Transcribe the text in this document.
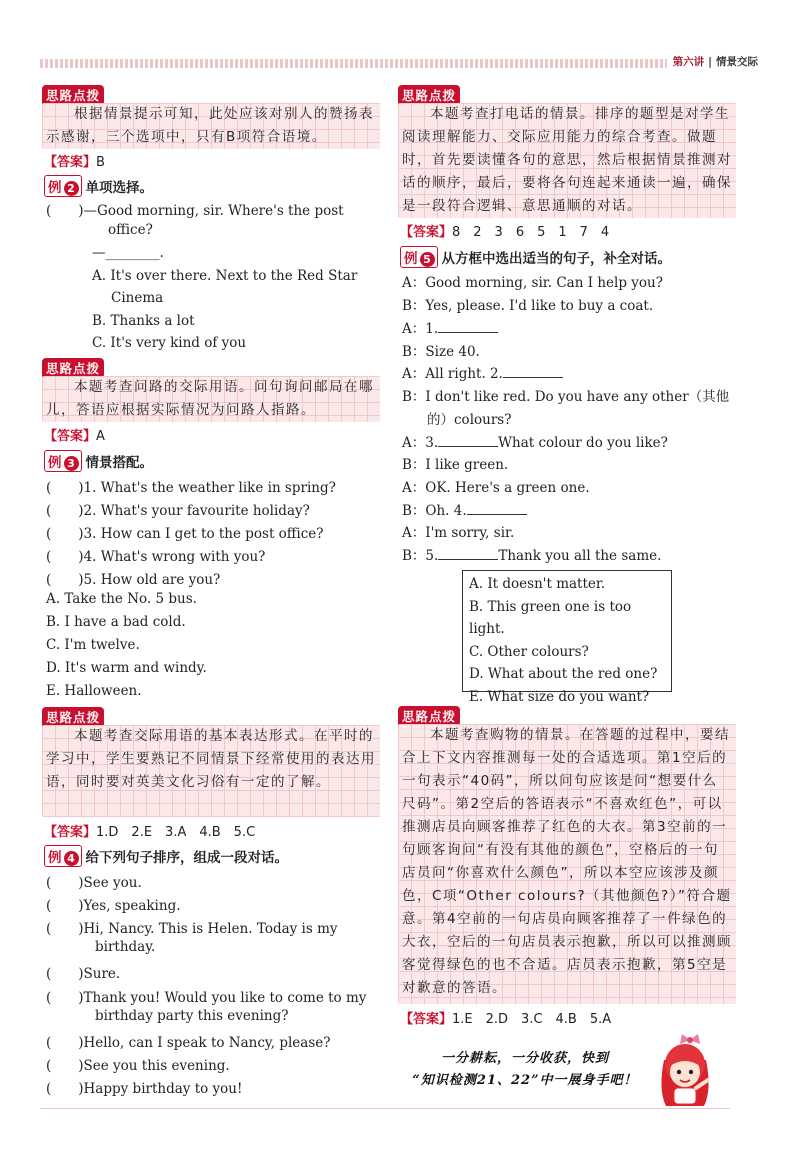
第六讲 | 情景交际
思路点拨
根据情景提示可知，此处应该对别人的赞扬表示感谢，三个选项中，只有B项符合语境。
【答案】B
例 2 单项选择。
(　　)—Good morning, sir. Where's the post
office?
—________.
A. It's over there. Next to the Red Star
Cinema
B. Thanks a lot
C. It's very kind of you
思路点拨
本题考查问路的交际用语。问句询问邮局在哪儿，答语应根据实际情况为问路人指路。
【答案】A
例 3 情景搭配。
(　　)1. What's the weather like in spring?
(　　)2. What's your favourite holiday?
(　　)3. How can I get to the post office?
(　　)4. What's wrong with you?
(　　)5. How old are you?
A. Take the No. 5 bus.
B. I have a bad cold.
C. I'm twelve.
D. It's warm and windy.
E. Halloween.
思路点拨
本题考查交际用语的基本表达形式。在平时的学习中，学生要熟记不同情景下经常使用的表达用语，同时要对英美文化习俗有一定的了解。
【答案】1.D　2.E　3.A　4.B　5.C
例 4 给下列句子排序，组成一段对话。
(　　)See you.
(　　)Yes, speaking.
(　　)Hi, Nancy. This is Helen. Today is my
birthday.
(　　)Sure.
(　　)Thank you! Would you like to come to my
birthday party this evening?
(　　)Hello, can I speak to Nancy, please?
(　　)See you this evening.
(　　)Happy birthday to you!
思路点拨
本题考查打电话的情景。排序的题型是对学生阅读理解能力、交际应用能力的综合考查。做题时，首先要读懂各句的意思，然后根据情景推测对话的顺序，最后，要将各句连起来通读一遍，确保是一段符合逻辑、意思通顺的对话。
【答案】8　2　3　6　5　1　7　4
例 5 从方框中选出适当的句子，补全对话。
A：Good morning, sir. Can I help you?
B：Yes, please. I'd like to buy a coat.
A：1.
B：Size 40.
A：All right. 2.
B：I don't like red. Do you have any other（其他
的）colours?
A：3.	What colour do you like?
B：I like green.
A：OK. Here's a green one.
B：Oh. 4.
A：I'm sorry, sir.
B：5.	Thank you all the same.
A. It doesn't matter.
B. This green one is too light.
C. Other colours?
D. What about the red one?
E. What size do you want?
思路点拨
本题考查购物的情景。在答题的过程中，要结合上下文内容推测每一处的合适选项。第1空后的一句表示“40码”，所以问句应该是问“想要什么尺码”。第2空后的答语表示“不喜欢红色”，可以推测店员向顾客推荐了红色的大衣。第3空前的一句顾客询问“有没有其他的颜色”，空格后的一句店员问“你喜欢什么颜色”，所以本空应该涉及颜色，C项“Other colours?（其他颜色?）”符合题意。第4空前的一句店员向顾客推荐了一件绿色的大衣，空后的一句店员表示抱歉，所以可以推测顾客觉得绿色的也不合适。店员表示抱歉，第5空是对歉意的答语。
【答案】1.E　2.D　3.C　4.B　5.A
一分耕耘，一分收获，快到
“知识检测21、22”中一展身手吧！
